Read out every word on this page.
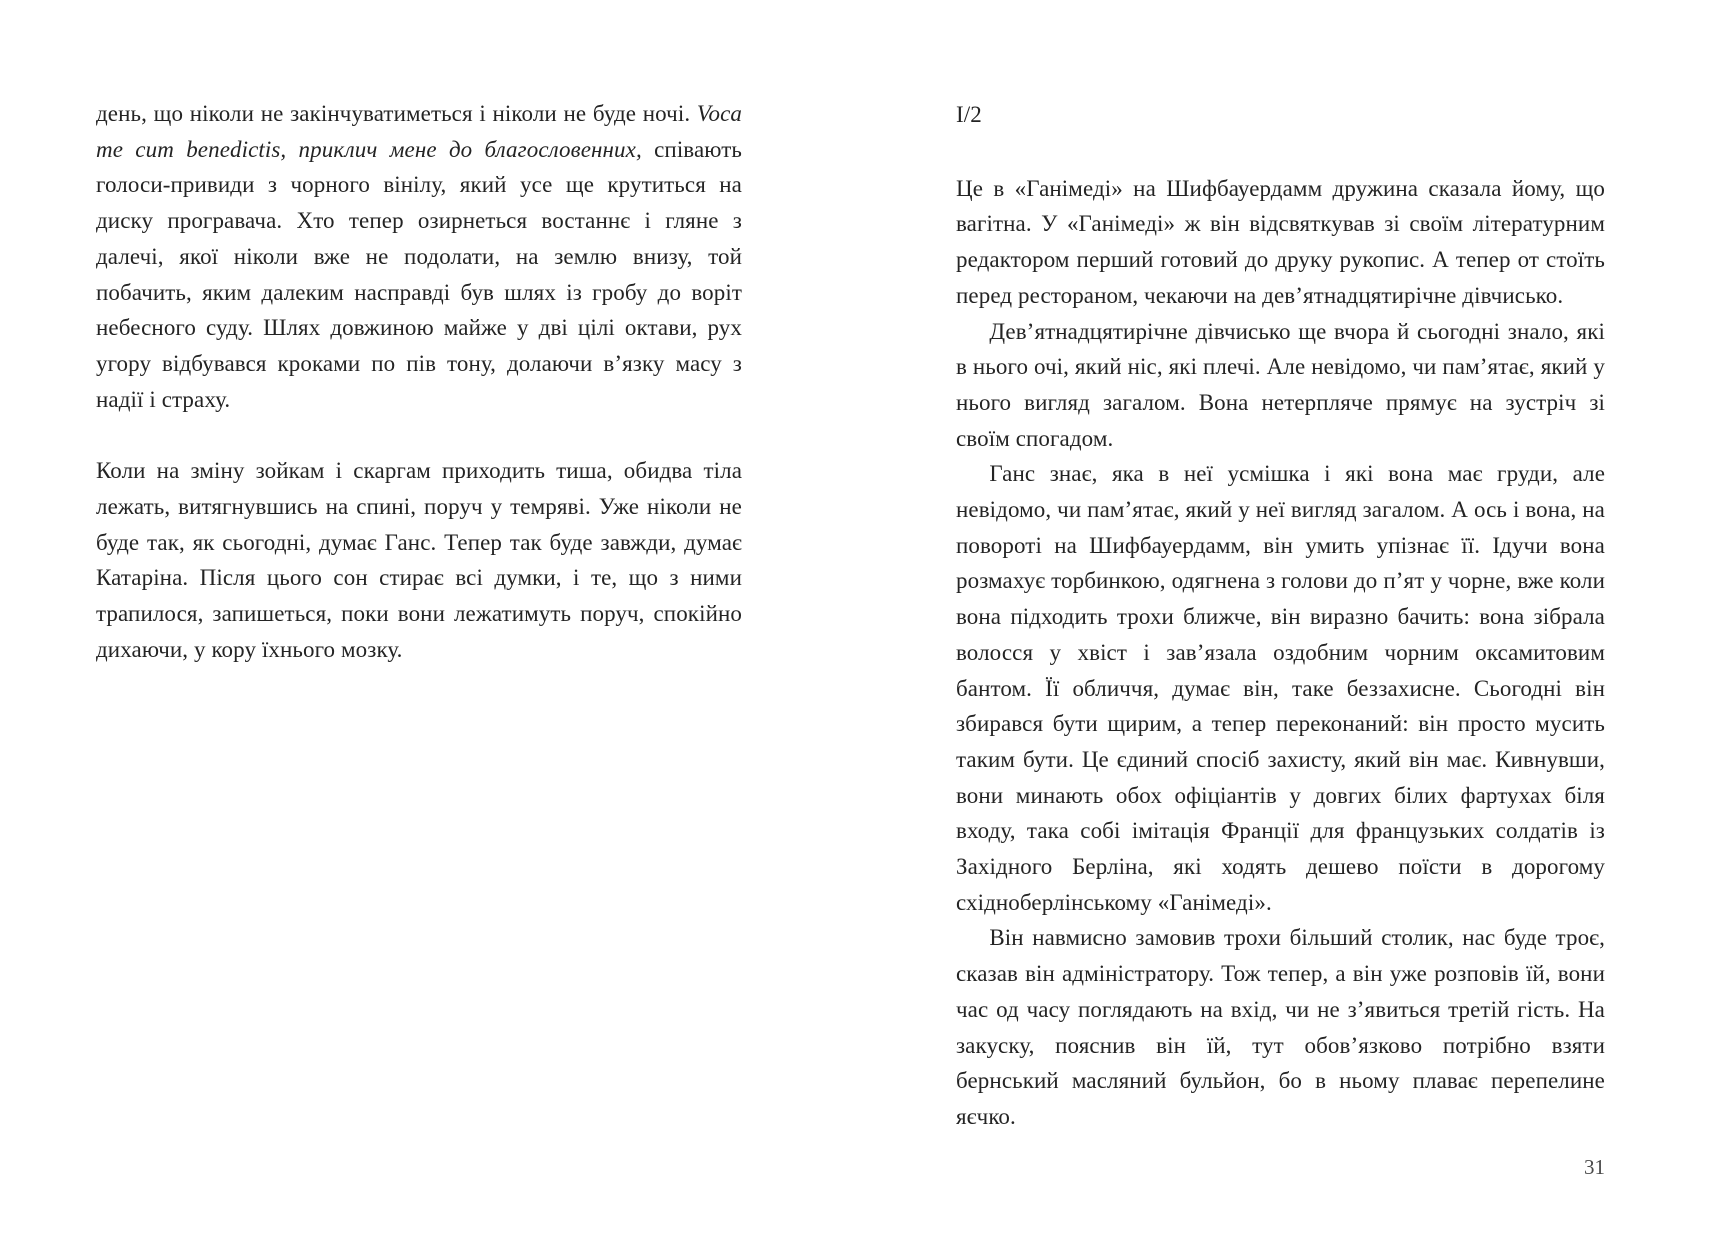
день, що ніколи не закінчуватиметься і ніколи не буде ночі. Voca me cum benedictis, приклич мене до благословенних, співають голоси-привиди з чорного вінілу, який усе ще крутиться на диску програвача. Хто тепер озирнеться востаннє і гляне з далечі, якої ніколи вже не подолати, на землю внизу, той побачить, яким далеким насправді був шлях із гробу до воріт небесного суду. Шлях довжиною майже у дві цілі октави, рух угору відбувався кроками по пів тону, долаючи в’язку масу з надії і страху.

Коли на зміну зойкам і скаргам приходить тиша, обидва тіла лежать, витягнувшись на спині, поруч у темряві. Уже ніколи не буде так, як сьогодні, думає Ганс. Тепер так буде завжди, думає Катаріна. Після цього сон стирає всі думки, і те, що з ними трапилося, запишеться, поки вони лежатимуть поруч, спокійно дихаючи, у кору їхнього мозку.

I/2

Це в «Ганімеді» на Шифбауердамм дружина сказала йому, що вагітна. У «Ганімеді» ж він відсвяткував зі своїм літературним редактором перший готовий до друку рукопис. А тепер от стоїть перед рестораном, чекаючи на дев’ятнадцятирічне дівчисько.

Дев’ятнадцятирічне дівчисько ще вчора й сьогодні знало, які в нього очі, який ніс, які плечі. Але невідомо, чи пам’ятає, який у нього вигляд загалом. Вона нетерпляче прямує на зустріч зі своїм спогадом.

Ганс знає, яка в неї усмішка і які вона має груди, але невідомо, чи пам’ятає, який у неї вигляд загалом. А ось і вона, на повороті на Шифбауердамм, він умить упізнає її. Ідучи вона розмахує торбинкою, одягнена з голови до п’ят у чорне, вже коли вона підходить трохи ближче, він виразно бачить: вона зібрала волосся у хвіст і зав’язала оздобним чорним оксамитовим бантом. Її обличчя, думає він, таке беззахисне. Сьогодні він збирався бути щирим, а тепер переконаний: він просто мусить таким бути. Це єдиний спосіб захисту, який він має. Кивнувши, вони минають обох офіціантів у довгих білих фартухах біля входу, така собі імітація Франції для французьких солдатів із Західного Берліна, які ходять дешево поїсти в дорогому східноберлінському «Ганімеді».

Він навмисно замовив трохи більший столик, нас буде троє, сказав він адміністратору. Тож тепер, а він уже розповів їй, вони час од часу поглядають на вхід, чи не з’явиться третій гість. На закуску, пояснив він їй, тут обов’язково потрібно взяти бернський масляний бульйон, бо в ньому плаває перепелине яєчко.

31
